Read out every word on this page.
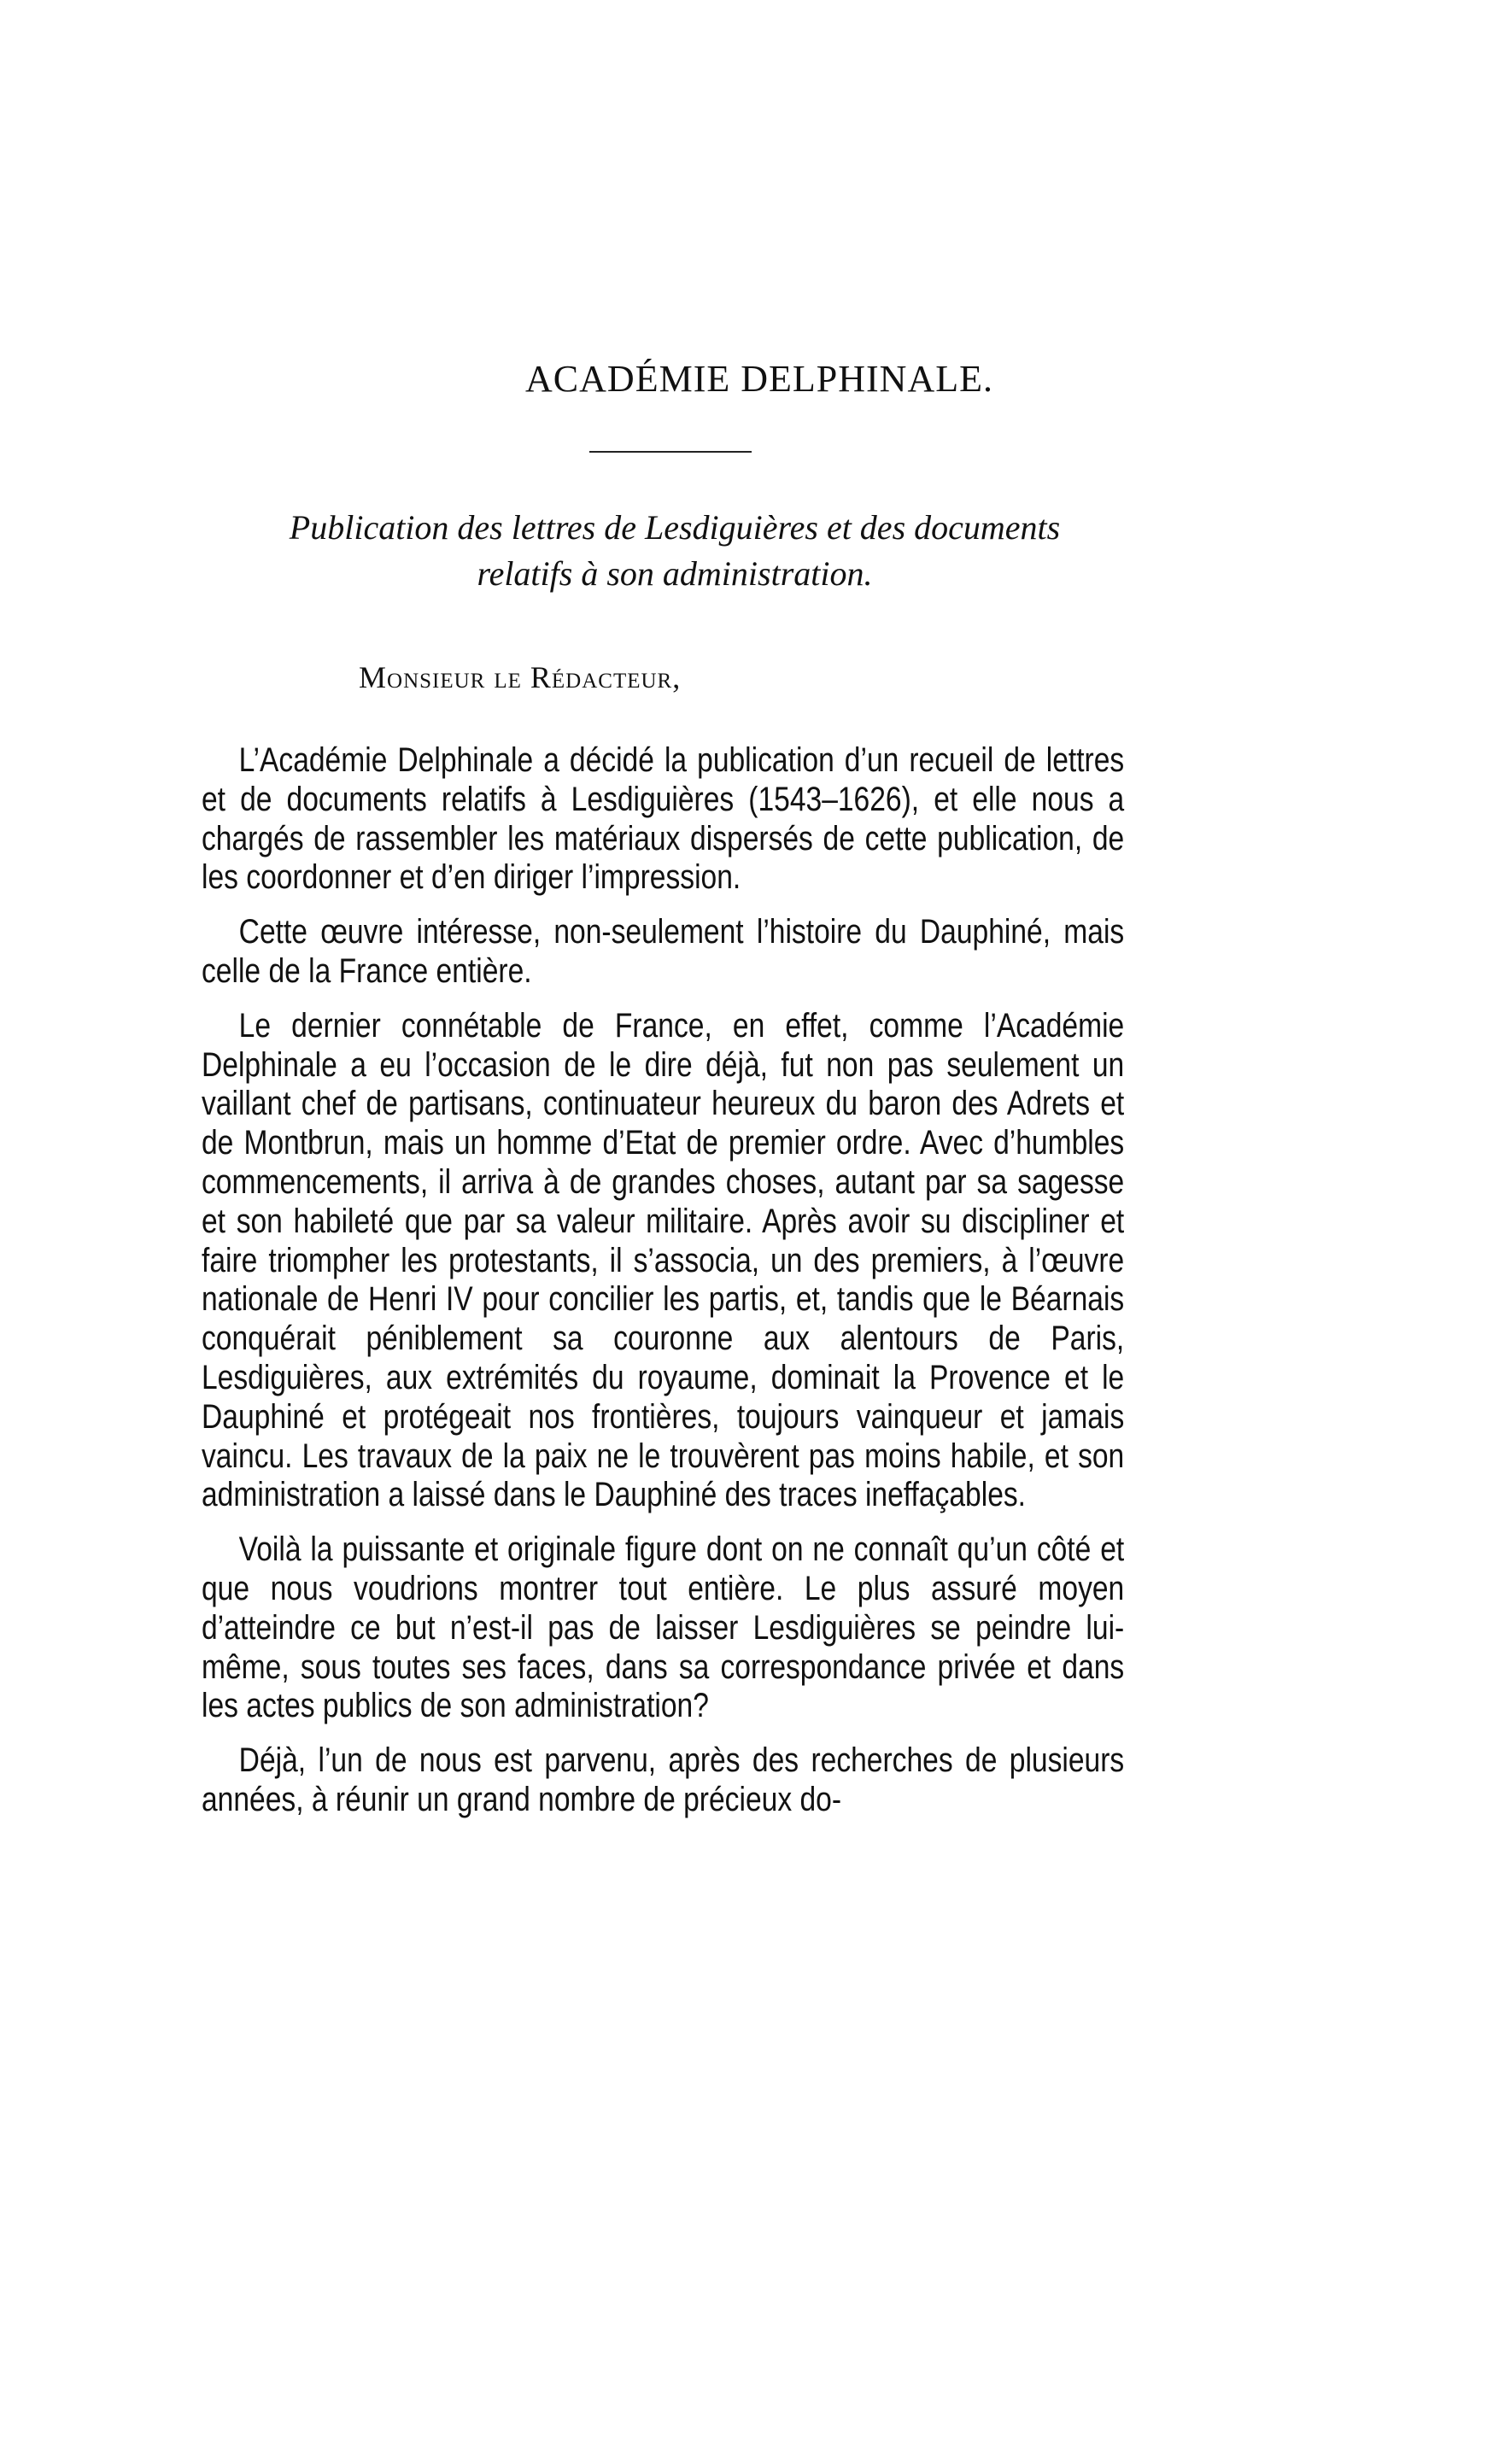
ACADÉMIE DELPHINALE.
Publication des lettres de Lesdiguières et des documents
relatifs à son administration.
Monsieur le Rédacteur,

L’Académie Delphinale a décidé la publication d’un recueil de lettres et de documents relatifs à Lesdiguières (1543–1626), et elle nous a chargés de rassembler les matériaux dispersés de cette publication, de les coordonner et d’en diriger l’impression.

Cette œuvre intéresse, non-seulement l’histoire du Dauphiné, mais celle de la France entière.

Le dernier connétable de France, en effet, comme l’Académie Delphinale a eu l’occasion de le dire déjà, fut non pas seulement un vaillant chef de partisans, continuateur heureux du baron des Adrets et de Montbrun, mais un homme d’Etat de premier ordre. Avec d’humbles commencements, il arriva à de grandes choses, autant par sa sagesse et son habileté que par sa valeur militaire. Après avoir su discipliner et faire triompher les protestants, il s’associa, un des premiers, à l’œuvre nationale de Henri IV pour concilier les partis, et, tandis que le Béarnais conquérait péniblement sa couronne aux alentours de Paris, Lesdiguières, aux extrémités du royaume, dominait la Provence et le Dauphiné et protégeait nos frontières, toujours vainqueur et jamais vaincu. Les travaux de la paix ne le trouvèrent pas moins habile, et son administration a laissé dans le Dauphiné des traces ineffaçables.

Voilà la puissante et originale figure dont on ne connaît qu’un côté et que nous voudrions montrer tout entière. Le plus assuré moyen d’atteindre ce but n’est-il pas de laisser Lesdiguières se peindre lui-même, sous toutes ses faces, dans sa correspondance privée et dans les actes publics de son administration?

Déjà, l’un de nous est parvenu, après des recherches de plusieurs années, à réunir un grand nombre de précieux do-
